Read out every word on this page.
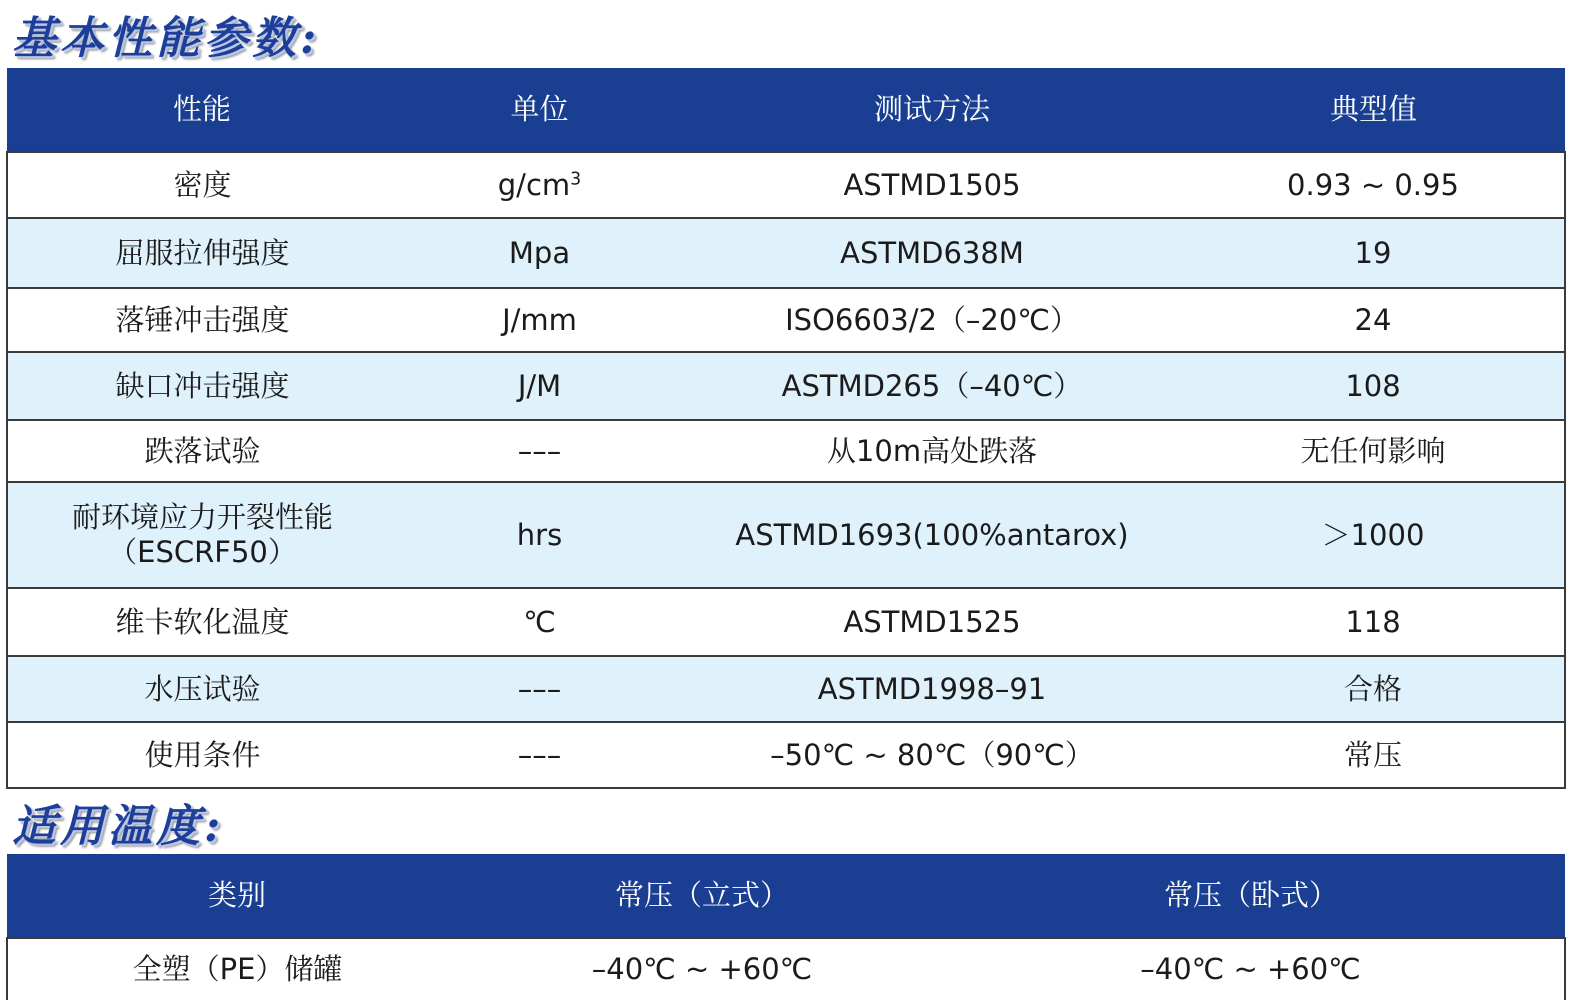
基本性能参数:
性能	单位	测试方法	典型值
密度	$g/cm^3$	ASTMD1505	0.93 ~ 0.95
屈服拉伸强度	Mpa	ASTMD638M	19
落锤冲击强度	J/mm	ISO6603/2（–20℃）	24
缺口冲击强度	J/M	ASTMD265（–40℃）	108
跌落试验	–––	从10m高处跌落	无任何影响

耐环境应力开裂性能
（ESCRF50）	hrs	ASTMD1693(100%antarox)	＞1000
维卡软化温度	℃	ASTMD1525	118
水压试验	–––	ASTMD1998–91	合格
使用条件	–––	–50℃ ~ 80℃（90℃）	常压
适用温度:
类别	常压（立式）	常压（卧式）
全塑（PE）储罐	–40℃ ~ +60℃	–40℃ ~ +60℃
